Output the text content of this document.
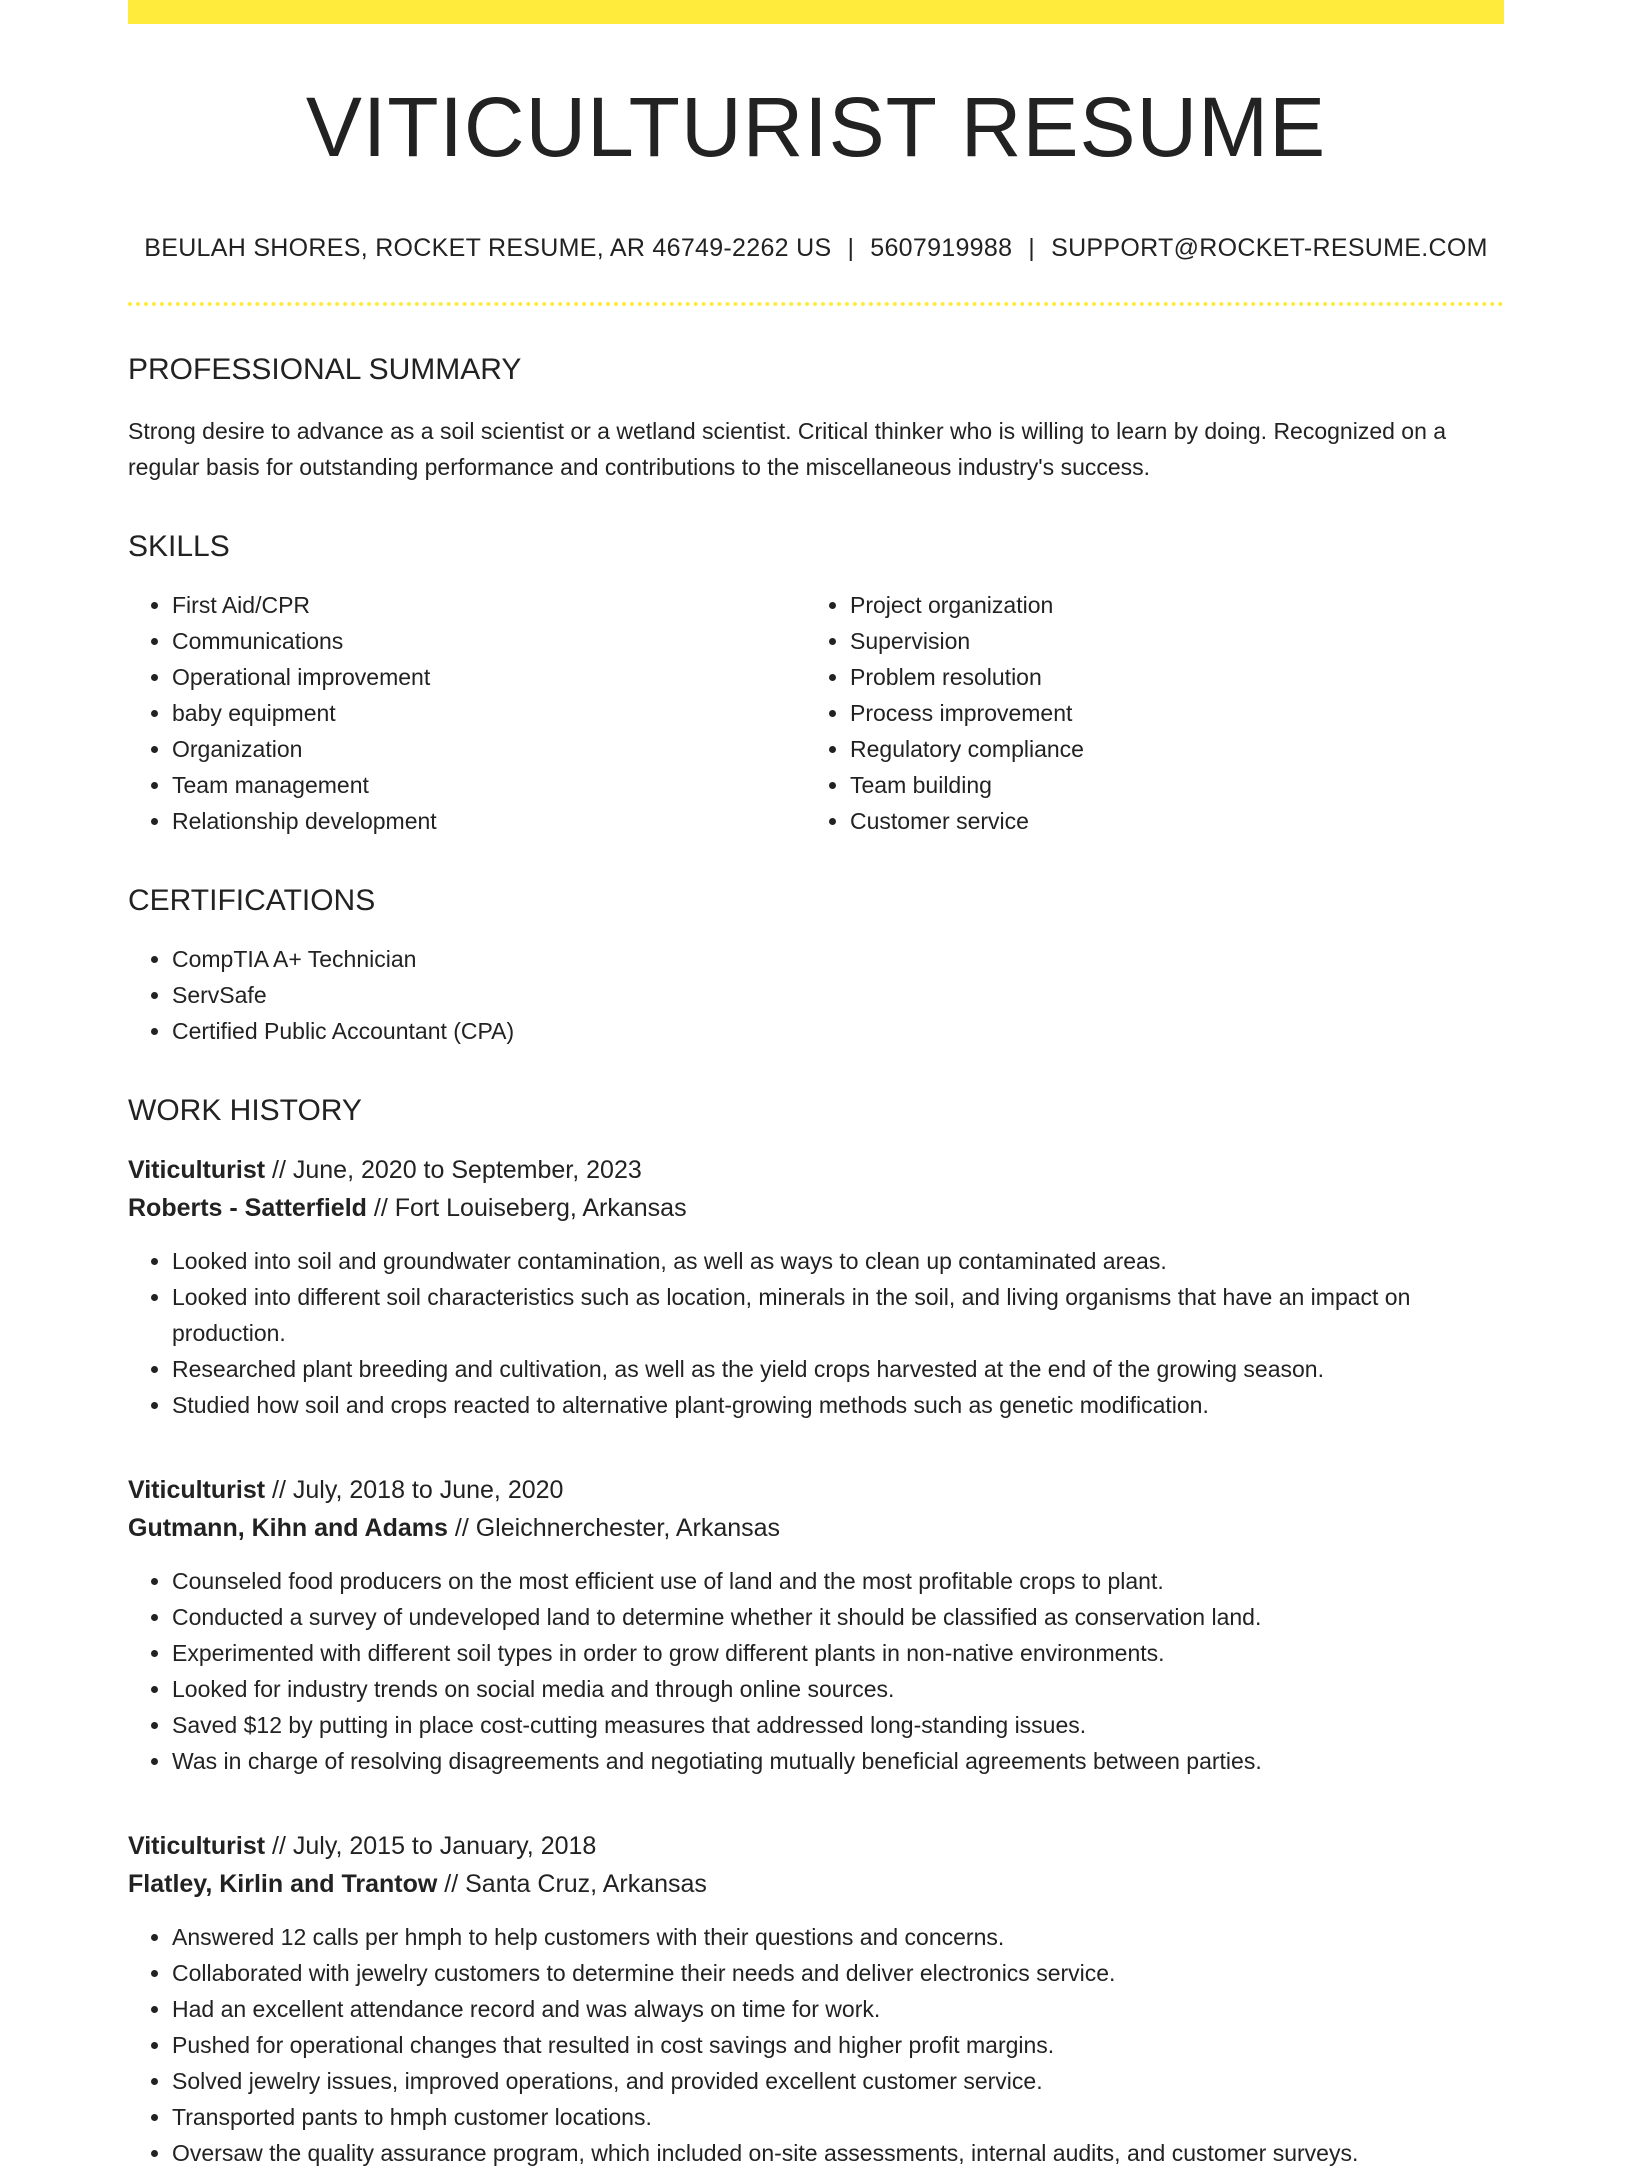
VITICULTURIST RESUME
BEULAH SHORES, ROCKET RESUME, AR 46749-2262 US | 5607919988 | SUPPORT@ROCKET-RESUME.COM
PROFESSIONAL SUMMARY

Strong desire to advance as a soil scientist or a wetland scientist. Critical thinker who is willing to learn by doing. Recognized on a regular basis for outstanding performance and contributions to the miscellaneous industry's success.

SKILLS
• First Aid/CPR
• Communications
• Operational improvement
• baby equipment
• Organization
• Team management
• Relationship development
• Project organization
• Supervision
• Problem resolution
• Process improvement
• Regulatory compliance
• Team building
• Customer service
CERTIFICATIONS
• CompTIA A+ Technician
• ServSafe
• Certified Public Accountant (CPA)
WORK HISTORY
Viticulturist // June, 2020 to September, 2023
Roberts - Satterfield // Fort Louiseberg, Arkansas
• Looked into soil and groundwater contamination, as well as ways to clean up contaminated areas.
• Looked into different soil characteristics such as location, minerals in the soil, and living organisms that have an impact on production.
• Researched plant breeding and cultivation, as well as the yield crops harvested at the end of the growing season.
• Studied how soil and crops reacted to alternative plant-growing methods such as genetic modification.
Viticulturist // July, 2018 to June, 2020
Gutmann, Kihn and Adams // Gleichnerchester, Arkansas
• Counseled food producers on the most efficient use of land and the most profitable crops to plant.
• Conducted a survey of undeveloped land to determine whether it should be classified as conservation land.
• Experimented with different soil types in order to grow different plants in non-native environments.
• Looked for industry trends on social media and through online sources.
• Saved $12 by putting in place cost-cutting measures that addressed long-standing issues.
• Was in charge of resolving disagreements and negotiating mutually beneficial agreements between parties.
Viticulturist // July, 2015 to January, 2018
Flatley, Kirlin and Trantow // Santa Cruz, Arkansas
• Answered 12 calls per hmph to help customers with their questions and concerns.
• Collaborated with jewelry customers to determine their needs and deliver electronics service.
• Had an excellent attendance record and was always on time for work.
• Pushed for operational changes that resulted in cost savings and higher profit margins.
• Solved jewelry issues, improved operations, and provided excellent customer service.
• Transported pants to hmph customer locations.
• Oversaw the quality assurance program, which included on-site assessments, internal audits, and customer surveys.
